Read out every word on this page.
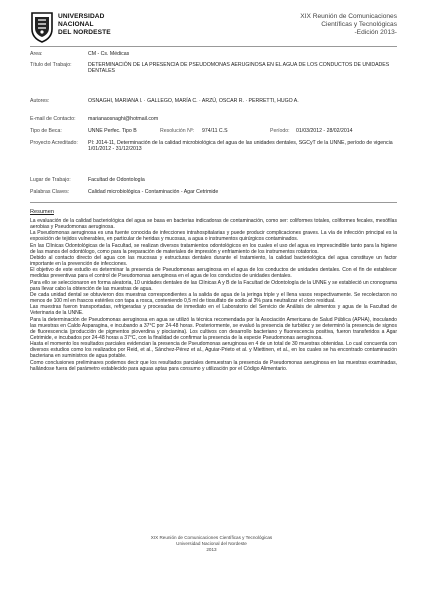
UNIVERSIDAD
NACIONAL
DEL NORDESTE
XIX Reunión de Comunicaciones
Científicas y Tecnológicas
-Edición 2013-
Area:	CM - Cs. Médicas
Título del Trabajo:	DETERMINACIÓN DE LA PRESENCIA DE PSEUDOMONAS AERUGINOSA EN EL AGUA DE LOS CONDUCTOS DE UNIDADES DENTALES
Autores:	OSNAGHI, MARIANA I. · GALLEGO, MARÍA C. · ARZÚ, OSCAR R. · PERRETTI, HUGO A.
E-mail de Contacto: marianaosnaghi@hotmail.com
Tipo de Beca:	UNNE Perfec. Tipo B	Resolución Nº: 974/11 C.S	Período: 01/03/2012 - 28/02/2014
Proyecto Acreditado: PI: J014-11, Determinación de la calidad microbiológica del agua de las unidades dentales, SGCyT de la UNNE, período de vigencia 1/01/2012 - 31/12/2013
Lugar de Trabajo:	Facultad de Odontología
Palabras Claves:	Calidad microbiológica - Contaminación - Agar Cetrimide
Resumen

La evaluación de la calidad bacteriológica del agua se basa en bacterias indicadoras de contaminación, como ser: coliformes totales, coliformes fecales, mesófilas aerobias y Pseudomonas aeruginosa.

La Pseudomonas aeruginosa es una fuente conocida de infecciones intrahospitalarias y puede producir complicaciones graves. La vía de infección principal es la exposición de tejidos vulnerables, en particular de heridas y mucosas, a agua o instrumentos quirúrgicos contaminados.

En las Clínicas Odontológicas de la Facultad, se realizan diversos tratamientos odontológicos en los cuales el uso del agua es imprescindible tanto para la higiene de las manos del odontólogo, como para la preparación de materiales de impresión y enfriamiento de los instrumentos rotatorios.

Debido al contacto directo del agua con las mucosas y estructuras dentales durante el tratamiento, la calidad bacteriológica del agua constituye un factor importante en la prevención de infecciones.

El objetivo de este estudio es determinar la presencia de Pseudomonas aeruginosa en el agua de los conductos de unidades dentales. Con el fin de establecer medidas preventivas para el control de Pseudomonas aeruginosa en el agua de los conductos de unidades dentales.

Para ello se seleccionaron en forma aleatoria, 10 unidades dentales de las Clínicas A y B de la Facultad de Odontología de la UNNE y se estableció un cronograma para llevar cabo la obtención de las muestras de agua.

De cada unidad dental se obtuvieron dos muestras correspondientes a la salida de agua de la jeringa triple y el llena vasos respectivamente. Se recolectaron no menos de 100 ml en frascos estériles con tapa a rosca, conteniendo 0,5 ml de tiosulfato de sodio al 3% para neutralizar el cloro residual.

Las muestras fueron transportadas, refrigeradas y procesadas de inmediato en el Laboratorio del Servicio de Análisis de alimentos y agua de la Facultad de Veterinaria de la UNNE.

Para la determinación de Pseudomonas aeruginosa en agua se utilizó la técnica recomendada por la Asociación Americana de Salud Pública (APHA), inoculando las muestras en Caldo Asparagina, e incubando a 37°C por 24-48 horas. Posteriormente, se evaluó la presencia de turbidez y se determinó la presencia de signos de fluorescencia (producción de pigmentos pioverdina y piocianina). Los cultivos con desarrollo bacteriano y fluorescencia positiva, fueron transferidos a Agar Cetrimide, e incubados por 24-48 horas a 37°C, con la finalidad de confirmar la presencia de la especie Pseudomonas aeruginosa.

Hasta el momento los resultados parciales evidencian la presencia de Pseudomonas aeruginosa en 4 de un total de 30 muestras obtenidas. Lo cual concuerda con diversos estudios como los realizados por Reid, et al., Sánchez-Pérez et al., Aguiar-Prieto et al. y Miettinen, et al., en los cuales se ha encontrado contaminación bacteriana en suministros de agua potable.

Como conclusiones preliminares podemos decir que los resultados parciales demuestran la presencia de Pseudomonas aeruginosa en las muestras examinadas, hallándose fuera del parámetro establecido para aguas aptas para consumo y utilización por el Código Alimentario.

XIX Reunión de Comunicaciones Científicas y Tecnológicas
Universidad Nacional del Nordeste
2013
